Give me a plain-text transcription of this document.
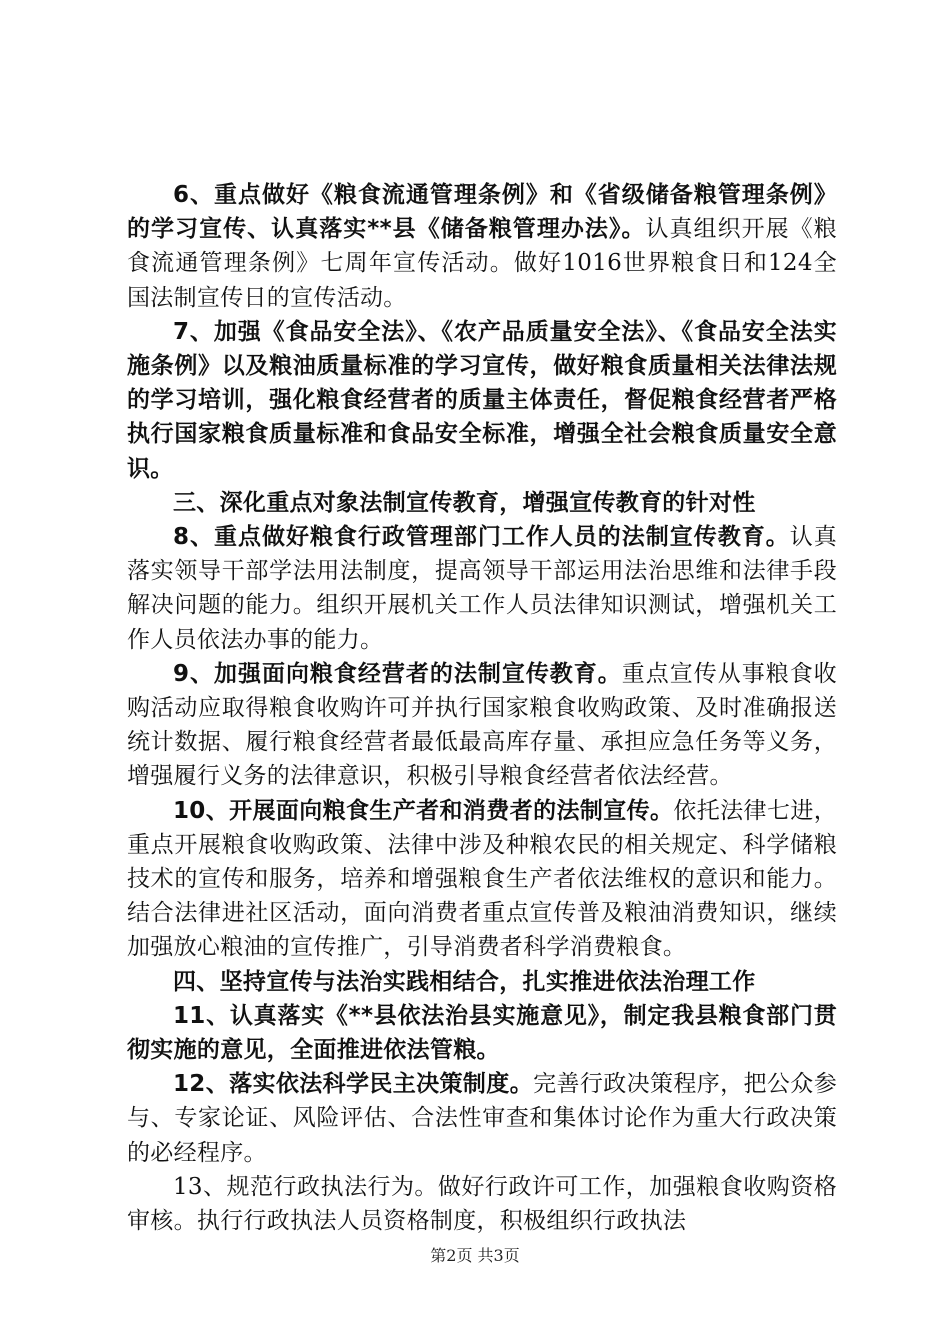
6、重点做好《粮食流通管理条例》和《省级储备粮管理条例》的学习宣传、认真落实**县《储备粮管理办法》。认真组织开展《粮食流通管理条例》七周年宣传活动。做好1016世界粮食日和124全国法制宣传日的宣传活动。

7、加强《食品安全法》、《农产品质量安全法》、《食品安全法实施条例》以及粮油质量标准的学习宣传，做好粮食质量相关法律法规的学习培训，强化粮食经营者的质量主体责任，督促粮食经营者严格执行国家粮食质量标准和食品安全标准，增强全社会粮食质量安全意识。

三、深化重点对象法制宣传教育，增强宣传教育的针对性

8、重点做好粮食行政管理部门工作人员的法制宣传教育。认真落实领导干部学法用法制度，提高领导干部运用法治思维和法律手段解决问题的能力。组织开展机关工作人员法律知识测试，增强机关工作人员依法办事的能力。

9、加强面向粮食经营者的法制宣传教育。重点宣传从事粮食收购活动应取得粮食收购许可并执行国家粮食收购政策、及时准确报送统计数据、履行粮食经营者最低最高库存量、承担应急任务等义务，增强履行义务的法律意识，积极引导粮食经营者依法经营。

10、开展面向粮食生产者和消费者的法制宣传。依托法律七进，重点开展粮食收购政策、法律中涉及种粮农民的相关规定、科学储粮技术的宣传和服务，培养和增强粮食生产者依法维权的意识和能力。结合法律进社区活动，面向消费者重点宣传普及粮油消费知识，继续加强放心粮油的宣传推广，引导消费者科学消费粮食。

四、坚持宣传与法治实践相结合，扎实推进依法治理工作

11、认真落实《**县依法治县实施意见》，制定我县粮食部门贯彻实施的意见，全面推进依法管粮。

12、落实依法科学民主决策制度。完善行政决策程序，把公众参与、专家论证、风险评估、合法性审查和集体讨论作为重大行政决策的必经程序。

13、规范行政执法行为。做好行政许可工作，加强粮食收购资格审核。执行行政执法人员资格制度，积极组织行政执法

第2页 共3页
